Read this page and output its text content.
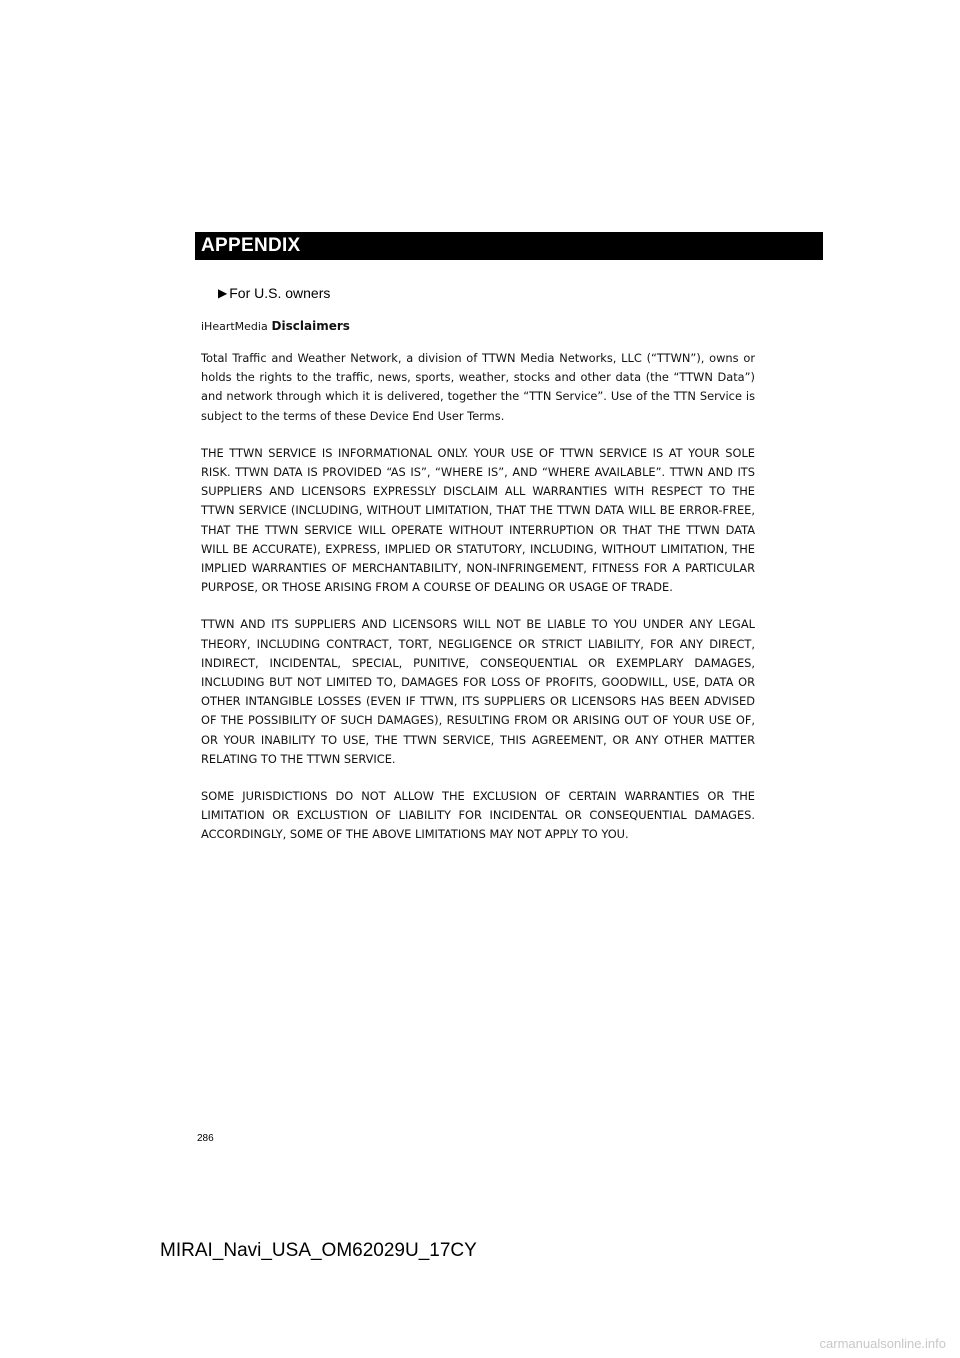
APPENDIX
▶ For U.S. owners
iHeartMedia Disclaimers

Total Traffic and Weather Network, a division of TTWN Media Networks, LLC (“TTWN”), owns or holds the rights to the traffic, news, sports, weather, stocks and other data (the “TTWN Data”) and network through which it is delivered, together the “TTN Service”. Use of the TTN Service is subject to the terms of these Device End User Terms.

THE TTWN SERVICE IS INFORMATIONAL ONLY. YOUR USE OF TTWN SERVICE IS AT YOUR SOLE RISK. TTWN DATA IS PROVIDED “AS IS”, “WHERE IS”, AND “WHERE AVAILABLE”. TTWN AND ITS SUPPLIERS AND LICENSORS EXPRESSLY DISCLAIM ALL WARRANTIES WITH RESPECT TO THE TTWN SERVICE (INCLUDING, WITHOUT LIMITATION, THAT THE TTWN DATA WILL BE ERROR-FREE, THAT THE TTWN SERVICE WILL OPERATE WITHOUT INTERRUPTION OR THAT THE TTWN DATA WILL BE ACCURATE), EXPRESS, IMPLIED OR STATUTORY, INCLUDING, WITHOUT LIMITATION, THE IMPLIED WARRANTIES OF MERCHANTABILITY, NON-INFRINGEMENT, FITNESS FOR A PARTICULAR PURPOSE, OR THOSE ARISING FROM A COURSE OF DEALING OR USAGE OF TRADE.

TTWN AND ITS SUPPLIERS AND LICENSORS WILL NOT BE LIABLE TO YOU UNDER ANY LEGAL THEORY, INCLUDING CONTRACT, TORT, NEGLIGENCE OR STRICT LIABILITY, FOR ANY DIRECT, INDIRECT, INCIDENTAL, SPECIAL, PUNITIVE, CONSEQUENTIAL OR EXEMPLARY DAMAGES, INCLUDING BUT NOT LIMITED TO, DAMAGES FOR LOSS OF PROFITS, GOODWILL, USE, DATA OR OTHER INTANGIBLE LOSSES (EVEN IF TTWN, ITS SUPPLIERS OR LICENSORS HAS BEEN ADVISED OF THE POSSIBILITY OF SUCH DAMAGES), RESULTING FROM OR ARISING OUT OF YOUR USE OF, OR YOUR INABILITY TO USE, THE TTWN SERVICE, THIS AGREEMENT, OR ANY OTHER MATTER RELATING TO THE TTWN SERVICE.

SOME JURISDICTIONS DO NOT ALLOW THE EXCLUSION OF CERTAIN WARRANTIES OR THE LIMITATION OR EXCLUSTION OF LIABILITY FOR INCIDENTAL OR CONSEQUENTIAL DAMAGES. ACCORDINGLY, SOME OF THE ABOVE LIMITATIONS MAY NOT APPLY TO YOU.

286
MIRAI_Navi_USA_OM62029U_17CY
carmanualsonline.info
